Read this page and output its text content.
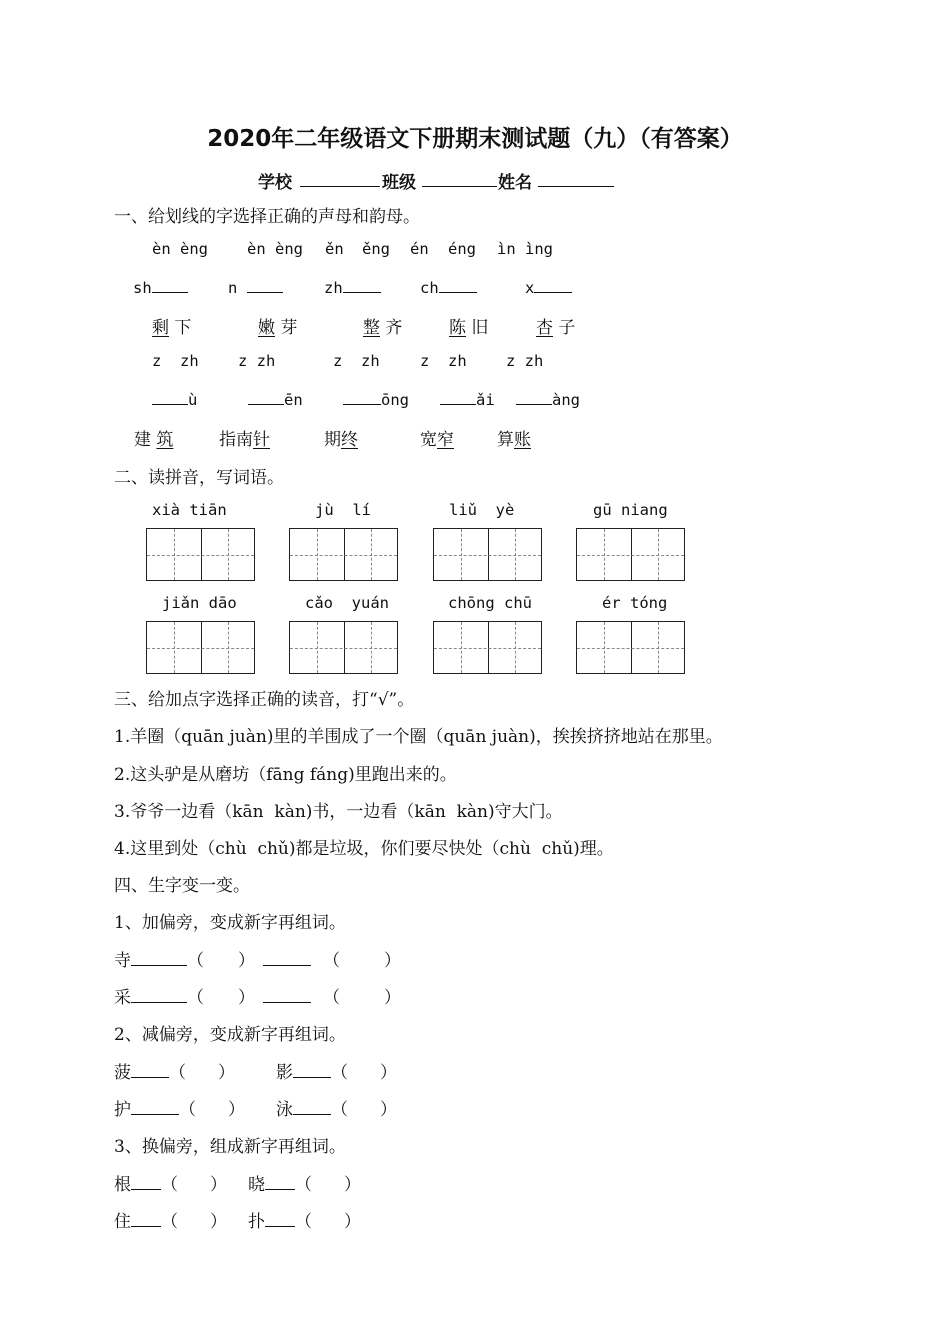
2020年二年级语文下册期末测试题（九）（有答案）
学校	班级	姓名
一、给划线的字选择正确的声母和韵母。
èn èng	èn èng ěn ěng én éng ìn ìng
sh	n	zh	ch	x
剩 下	嫩 芽	整 齐	陈 旧	杏 子
z  zh	z zh	z  zh	z  zh	z zh
ù	ēn	ōng	ǎi	àng
建 筑	指南针	期终	宽窄	算账
二、读拼音，写词语。
xià tiān	jù  lí	liǔ  yè	gū niang
jiǎn dāo	cǎo  yuán	chōng chū	ér tóng
三、给加点字选择正确的读音，打“√”。
1.羊圈（quān juàn)里的羊围成了一个圈（quān juàn)，挨挨挤挤地站在那里。
2.这头驴是从磨坊（fāng fáng)里跑出来的。
3.爷爷一边看（kān  kàn)书，一边看（kān  kàn)守大门。
4.这里到处（chù  chǔ)都是垃圾，你们要尽快处（chù  chǔ)理。
四、生字变一变。
1、加偏旁，变成新字再组词。
寺	（ ）	（	）
采	（ ）	（	）
2、减偏旁，变成新字再组词。
菠 （ ） 影 （ ）
护	（ ） 泳 （ ）
3、换偏旁，组成新字再组词。
根 （ ） 晓 （ ）
住 （ ） 扑 （ ）
